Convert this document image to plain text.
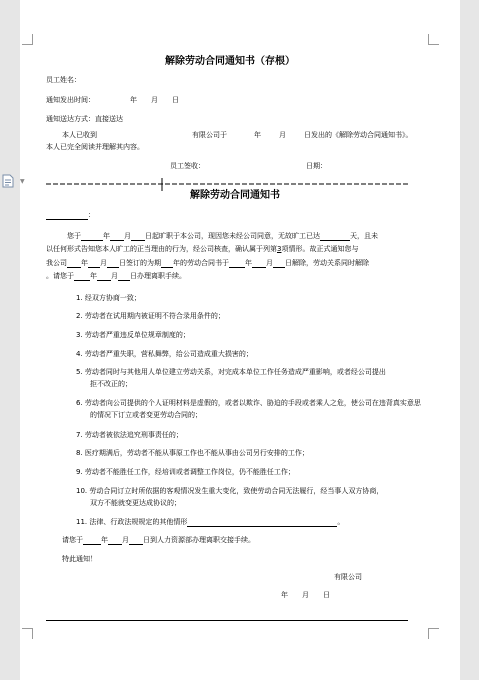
▼
解除劳动合同通知书（存根）
员工姓名：
通知发出时间：	年　　月　　日
通知送达方式：直接送达
本人已收到	有限公司于	年	月	日发出的《解除劳动合同通知书》。
本人已完全阅读并理解其内容。
员工签收：	日期：
解除劳动合同通知书
：
您于	年 月 日起旷职于本公司，现因您未经公司同意，无故旷工已达	天，且未
以任何形式告知您本人旷工的正当理由的行为，经公司核查，确认属于列第3项情形。故正式通知您与
我公司 年 月 日签订的为期 年的劳动合同书于 年 月 日解除，劳动关系同时解除
。请您于 年 月 日办理离职手续。
1. 经双方协商一致；
2. 劳动者在试用期内被证明不符合录用条件的；
3. 劳动者严重违反单位规章制度的；
4. 劳动者严重失职，营私舞弊，给公司造成重大损害的；
5. 劳动者同时与其他用人单位建立劳动关系，对完成本单位工作任务造成严重影响，或者经公司提出
拒不改正的；
6. 劳动者向公司提供的个人证明材料是虚假的，或者以欺诈、胁迫的手段或者乘人之危，使公司在违背真实意思
的情况下订立或者变更劳动合同的；
7. 劳动者被依法追究刑事责任的；
8. 医疗期满后，劳动者不能从事原工作也不能从事由公司另行安排的工作；
9. 劳动者不能胜任工作，经培训或者调整工作岗位，仍不能胜任工作；
10. 劳动合同订立时所依据的客观情况发生重大变化，致使劳动合同无法履行，经当事人双方协商，
双方不能就变更达成协议的；
11. 法律、行政法规规定的其他情形	。
请您于	年 月 日到人力资源部办理离职交接手续。
特此通知！
有限公司
年　　月　　日
